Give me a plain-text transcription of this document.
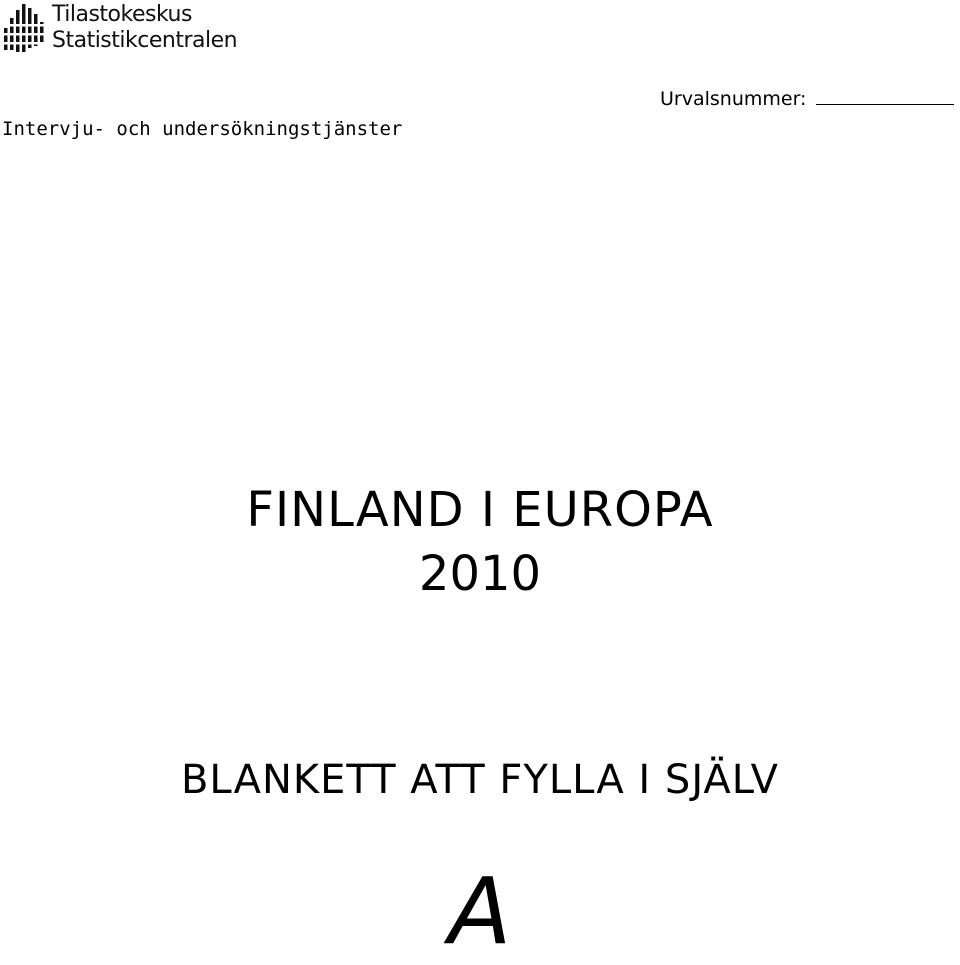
Tilastokeskus
Statistikcentralen
Intervju- och undersökningstjänster
Urvalsnummer:
FINLAND I EUROPA
2010
BLANKETT ATT FYLLA I SJÄLV
A
